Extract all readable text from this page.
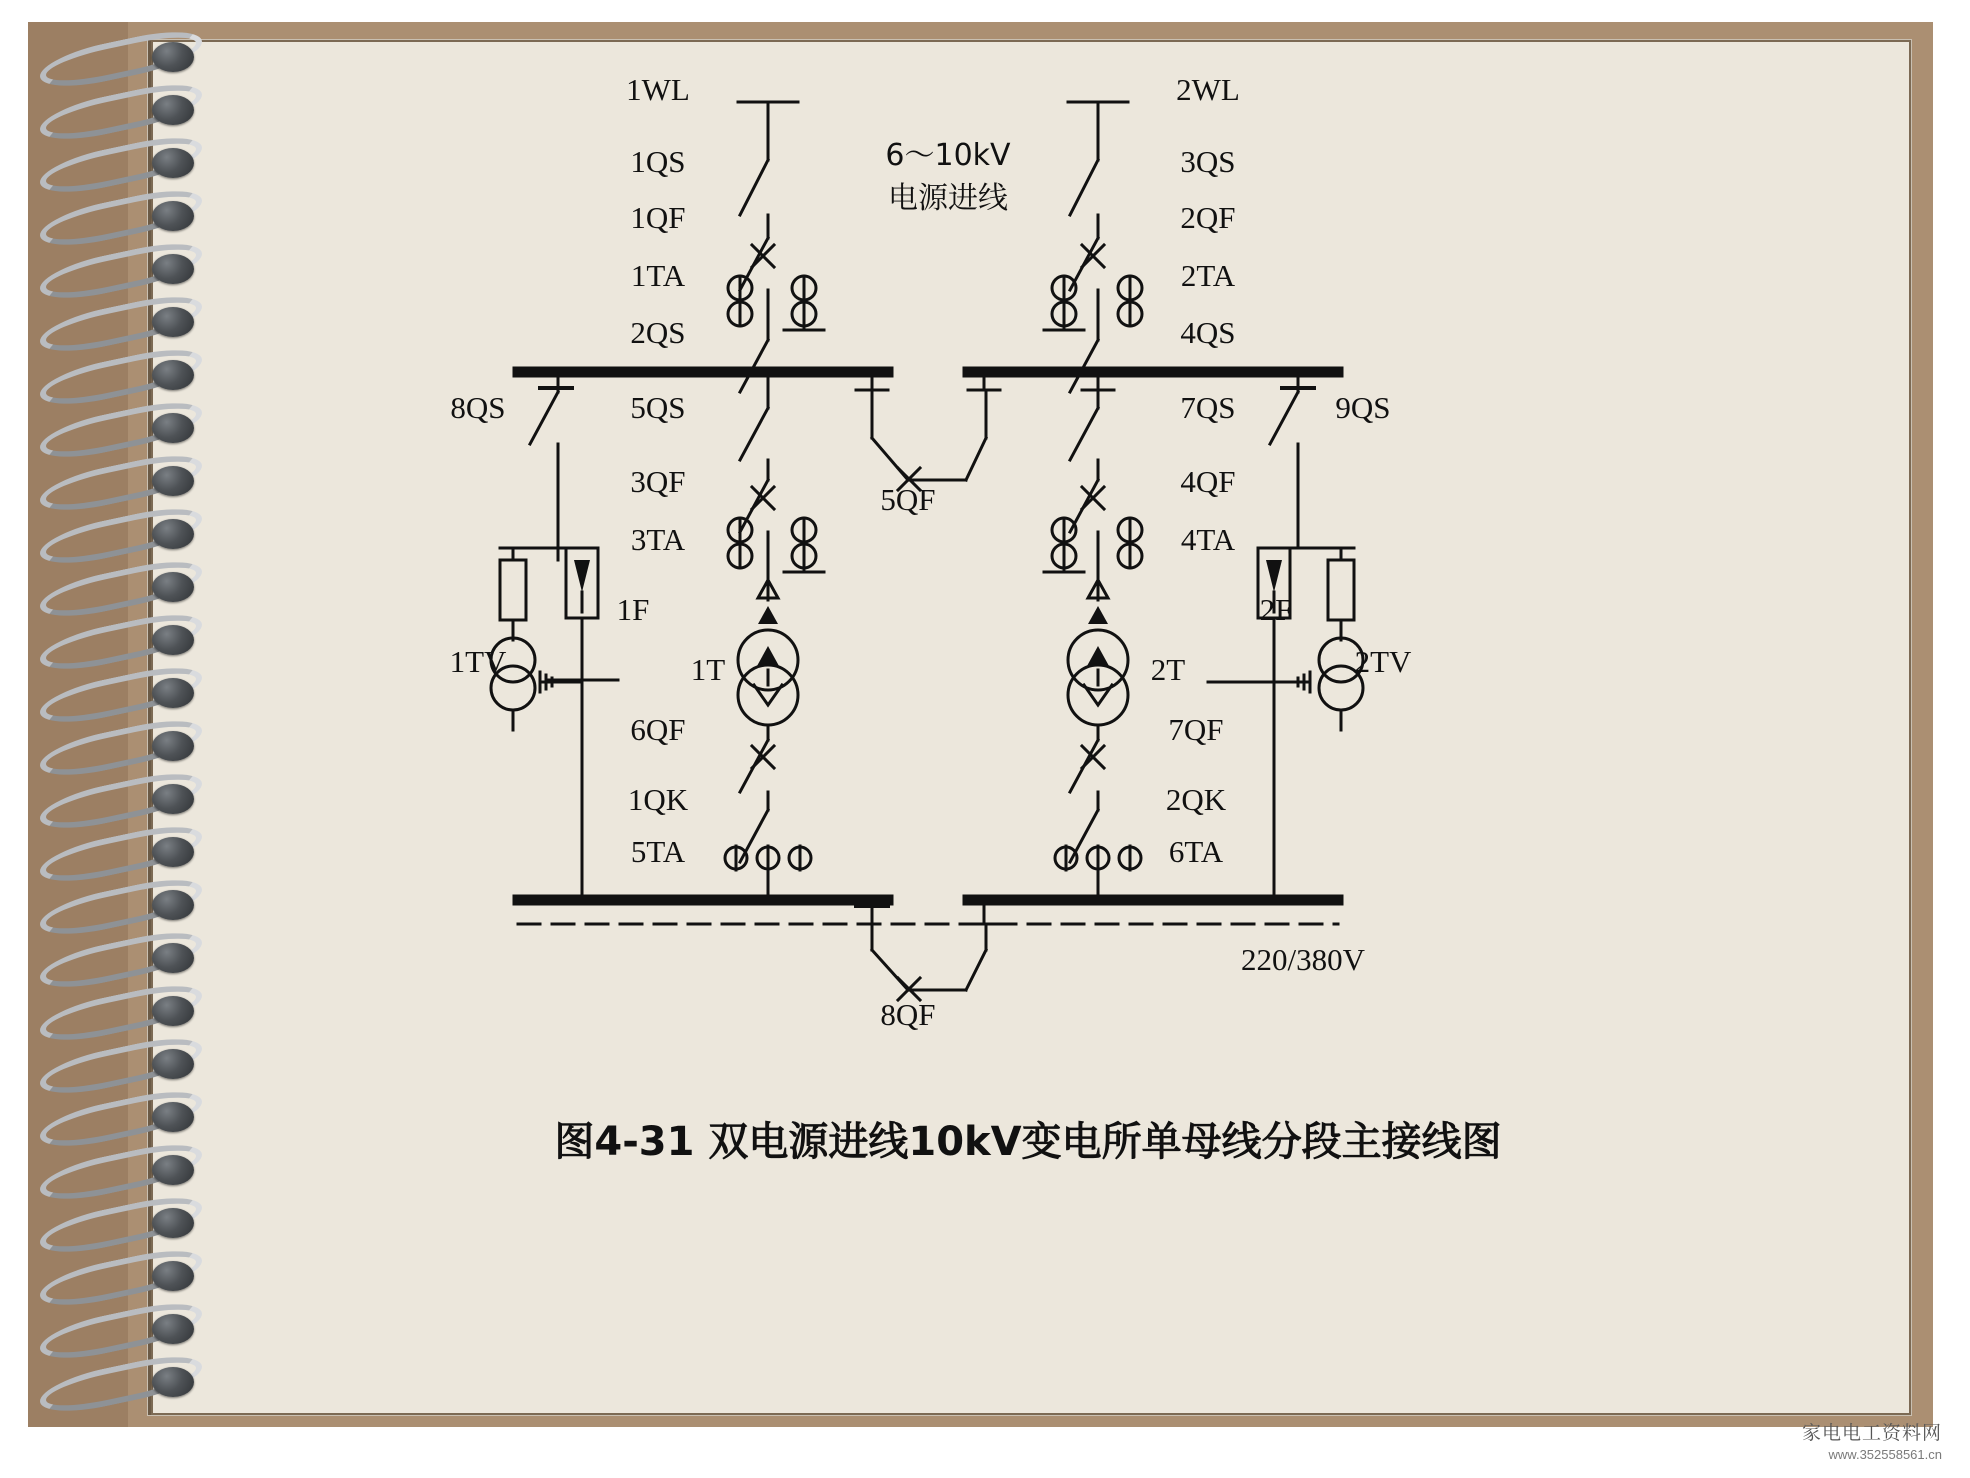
1WL	2WL
1QS	3QS
1QF	2QF
1TA	2TA
2QS	4QS
8QS	5QS	7QS	9QS
3QF	4QF
5QF
3TA	4TA
1F	2F
1TV	2TV
1T	2T
6QF	7QF
1QK	2QK
5TA	6TA
8QF
6～10kV
电源进线
220/380V
图4-31 双电源进线10kV变电所单母线分段主接线图
家电电工资料网
www.352558561.cn
